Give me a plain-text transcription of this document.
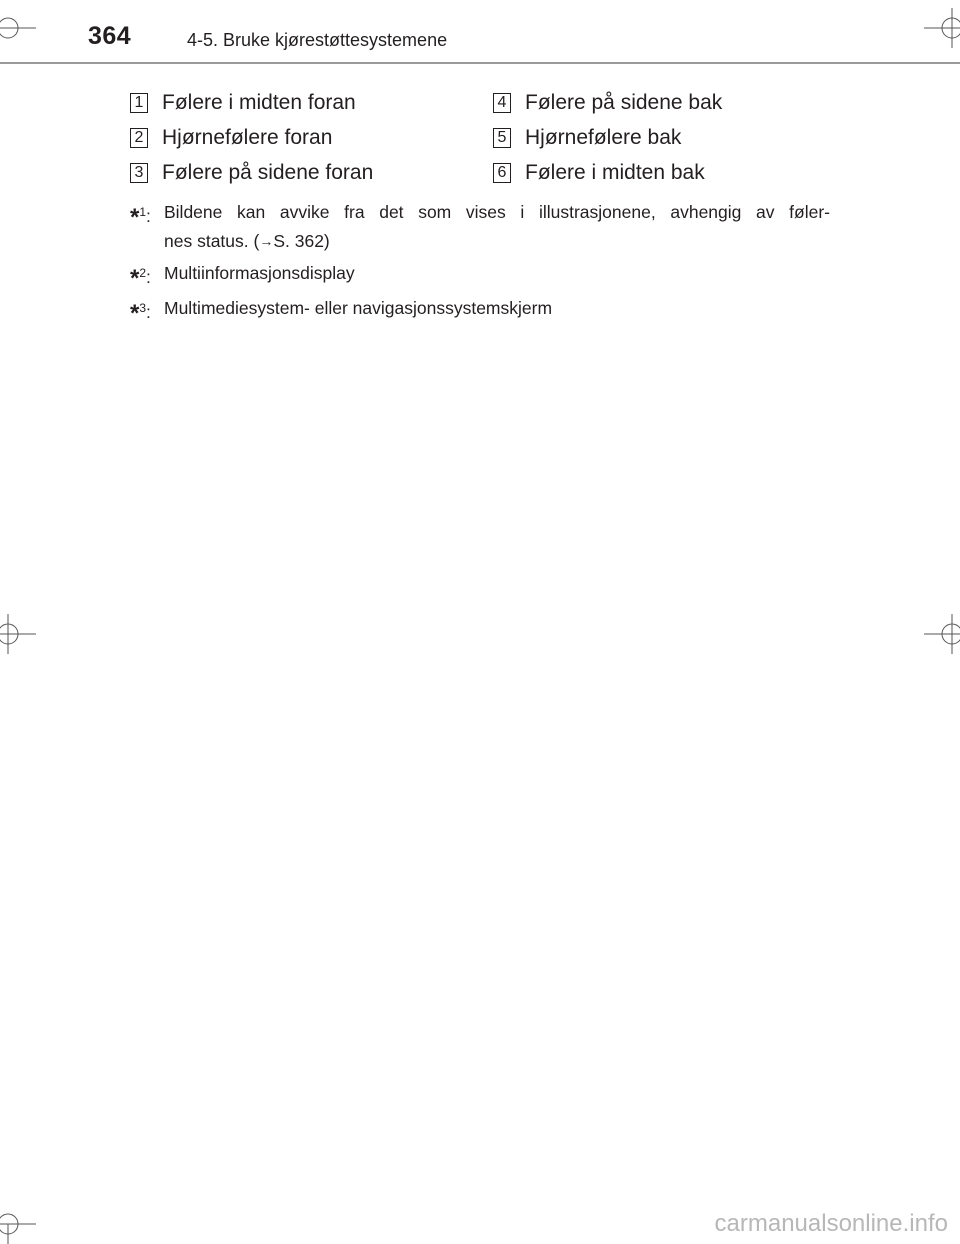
364	4-5. Bruke kjørestøttesystemene
1 Følere i midten foran
2 Hjørnefølere foran
3 Følere på sidene foran
4 Følere på sidene bak
5 Hjørnefølere bak
6 Følere i midten bak
*$^1$: Bildene kan avvike fra det som vises i illustrasjonene, avhengig av føler-
nes status. (→S. 362)
*$^2$: Multiinformasjonsdisplay
*$^3$: Multimediesystem- eller navigasjonssystemskjerm
carmanualsonline.info
